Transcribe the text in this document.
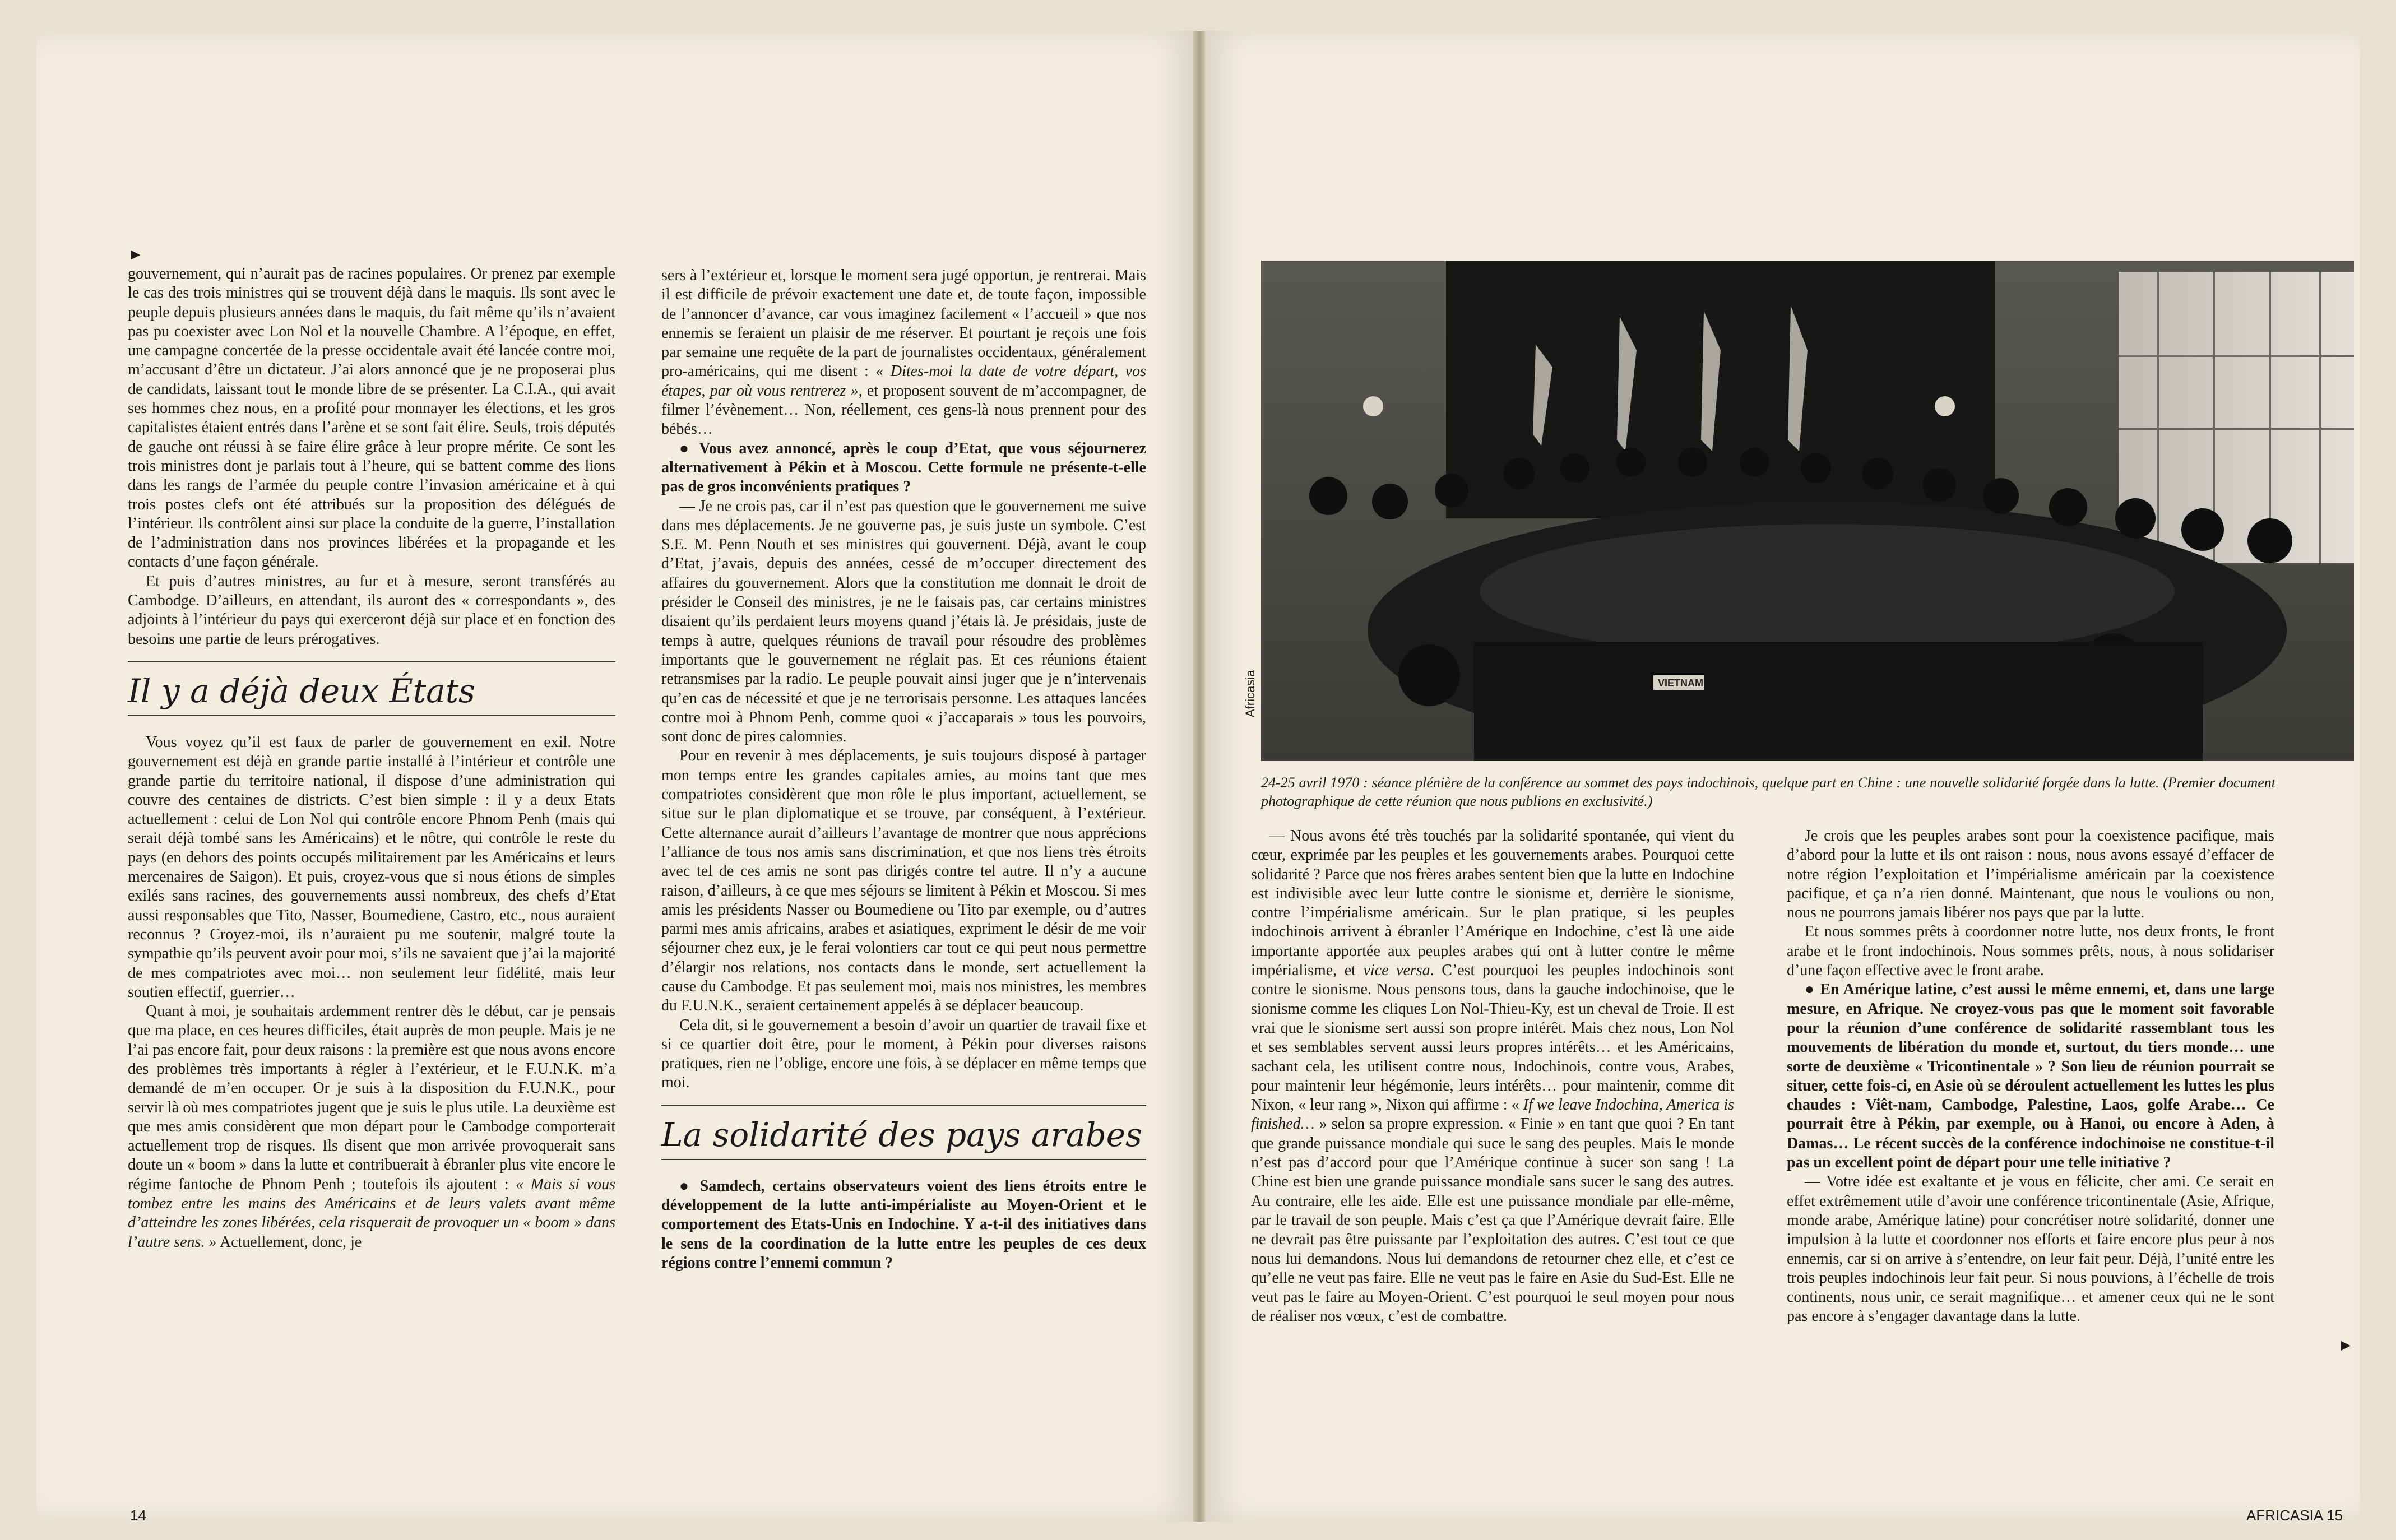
►

gouvernement, qui n’aurait pas de racines populaires. Or prenez par exemple le cas des trois ministres qui se trouvent déjà dans le maquis. Ils sont avec le peuple depuis plusieurs années dans le maquis, du fait même qu’ils n’avaient pas pu coexister avec Lon Nol et la nouvelle Chambre. A l’époque, en effet, une campagne concertée de la presse occidentale avait été lancée contre moi, m’accusant d’être un dictateur. J’ai alors annoncé que je ne proposerai plus de candidats, laissant tout le monde libre de se présenter. La C.I.A., qui avait ses hommes chez nous, en a profité pour monnayer les élections, et les gros capitalistes étaient entrés dans l’arène et se sont fait élire. Seuls, trois députés de gauche ont réussi à se faire élire grâce à leur propre mérite. Ce sont les trois ministres dont je parlais tout à l’heure, qui se battent comme des lions dans les rangs de l’armée du peuple contre l’invasion américaine et à qui trois postes clefs ont été attribués sur la proposition des délégués de l’intérieur. Ils contrôlent ainsi sur place la conduite de la guerre, l’installation de l’administration dans nos provinces libérées et la propagande et les contacts d’une façon générale.

Et puis d’autres ministres, au fur et à mesure, seront transférés au Cambodge. D’ailleurs, en attendant, ils auront des « correspondants », des adjoints à l’intérieur du pays qui exerceront déjà sur place et en fonction des besoins une partie de leurs prérogatives.

Il y a déjà deux États

Vous voyez qu’il est faux de parler de gouvernement en exil. Notre gouvernement est déjà en grande partie installé à l’intérieur et contrôle une grande partie du territoire national, il dispose d’une administration qui couvre des centaines de districts. C’est bien simple : il y a deux Etats actuellement : celui de Lon Nol qui contrôle encore Phnom Penh (mais qui serait déjà tombé sans les Américains) et le nôtre, qui contrôle le reste du pays (en dehors des points occupés militairement par les Américains et leurs mercenaires de Saigon). Et puis, croyez-vous que si nous étions de simples exilés sans racines, des gouvernements aussi nombreux, des chefs d’Etat aussi responsables que Tito, Nasser, Boumediene, Castro, etc., nous auraient reconnus ? Croyez-moi, ils n’auraient pu me soutenir, malgré toute la sympathie qu’ils peuvent avoir pour moi, s’ils ne savaient que j’ai la majorité de mes compatriotes avec moi… non seulement leur fidélité, mais leur soutien effectif, guerrier…

Quant à moi, je souhaitais ardemment rentrer dès le début, car je pensais que ma place, en ces heures difficiles, était auprès de mon peuple. Mais je ne l’ai pas encore fait, pour deux raisons : la première est que nous avons encore des problèmes très importants à régler à l’extérieur, et le F.U.N.K. m’a demandé de m’en occuper. Or je suis à la disposition du F.U.N.K., pour servir là où mes compatriotes jugent que je suis le plus utile. La deuxième est que mes amis considèrent que mon départ pour le Cambodge comporterait actuellement trop de risques. Ils disent que mon arrivée provoquerait sans doute un « boom » dans la lutte et contribuerait à ébranler plus vite encore le régime fantoche de Phnom Penh ; toutefois ils ajoutent : « Mais si vous tombez entre les mains des Américains et de leurs valets avant même d’atteindre les zones libérées, cela risquerait de provoquer un « boom » dans l’autre sens. » Actuellement, donc, je

sers à l’extérieur et, lorsque le moment sera jugé opportun, je rentrerai. Mais il est difficile de prévoir exactement une date et, de toute façon, impossible de l’annoncer d’avance, car vous imaginez facilement « l’accueil » que nos ennemis se feraient un plaisir de me réserver. Et pourtant je reçois une fois par semaine une requête de la part de journalistes occidentaux, généralement pro-américains, qui me disent : « Dites-moi la date de votre départ, vos étapes, par où vous rentrerez », et proposent souvent de m’accompagner, de filmer l’évènement… Non, réellement, ces gens-là nous prennent pour des bébés…

● Vous avez annoncé, après le coup d’Etat, que vous séjournerez alternativement à Pékin et à Moscou. Cette formule ne présente-t-elle pas de gros inconvénients pratiques ?

— Je ne crois pas, car il n’est pas question que le gouvernement me suive dans mes déplacements. Je ne gouverne pas, je suis juste un symbole. C’est S.E. M. Penn Nouth et ses ministres qui gouvernent. Déjà, avant le coup d’Etat, j’avais, depuis des années, cessé de m’occuper directement des affaires du gouvernement. Alors que la constitution me donnait le droit de présider le Conseil des ministres, je ne le faisais pas, car certains ministres disaient qu’ils perdaient leurs moyens quand j’étais là. Je présidais, juste de temps à autre, quelques réunions de travail pour résoudre des problèmes importants que le gouvernement ne réglait pas. Et ces réunions étaient retransmises par la radio. Le peuple pouvait ainsi juger que je n’intervenais qu’en cas de nécessité et que je ne terrorisais personne. Les attaques lancées contre moi à Phnom Penh, comme quoi « j’accaparais » tous les pouvoirs, sont donc de pires calomnies.

Pour en revenir à mes déplacements, je suis toujours disposé à partager mon temps entre les grandes capitales amies, au moins tant que mes compatriotes considèrent que mon rôle le plus important, actuellement, se situe sur le plan diplomatique et se trouve, par conséquent, à l’extérieur. Cette alternance aurait d’ailleurs l’avantage de montrer que nous apprécions l’alliance de tous nos amis sans discrimination, et que nos liens très étroits avec tel de ces amis ne sont pas dirigés contre tel autre. Il n’y a aucune raison, d’ailleurs, à ce que mes séjours se limitent à Pékin et Moscou. Si mes amis les présidents Nasser ou Boumediene ou Tito par exemple, ou d’autres parmi mes amis africains, arabes et asiatiques, expriment le désir de me voir séjourner chez eux, je le ferai volontiers car tout ce qui peut nous permettre d’élargir nos relations, nos contacts dans le monde, sert actuellement la cause du Cambodge. Et pas seulement moi, mais nos ministres, les membres du F.U.N.K., seraient certainement appelés à se déplacer beaucoup.

Cela dit, si le gouvernement a besoin d’avoir un quartier de travail fixe et si ce quartier doit être, pour le moment, à Pékin pour diverses raisons pratiques, rien ne l’oblige, encore une fois, à se déplacer en même temps que moi.

La solidarité des pays arabes

● Samdech, certains observateurs voient des liens étroits entre le développement de la lutte anti-impérialiste au Moyen-Orient et le comportement des Etats-Unis en Indochine. Y a-t-il des initiatives dans le sens de la coordination de la lutte entre les peuples de ces deux régions contre l’ennemi commun ?

14
VIETNAM
Africasia
24-25 avril 1970 : séance plénière de la conférence au sommet des pays indochinois, quelque part en Chine : une nouvelle solidarité forgée dans la lutte. (Premier document photographique de cette réunion que nous publions en exclusivité.)

— Nous avons été très touchés par la solidarité spontanée, qui vient du cœur, exprimée par les peuples et les gouvernements arabes. Pourquoi cette solidarité ? Parce que nos frères arabes sentent bien que la lutte en Indochine est indivisible avec leur lutte contre le sionisme et, derrière le sionisme, contre l’impérialisme américain. Sur le plan pratique, si les peuples indochinois arrivent à ébranler l’Amérique en Indochine, c’est là une aide importante apportée aux peuples arabes qui ont à lutter contre le même impérialisme, et vice versa. C’est pourquoi les peuples indochinois sont contre le sionisme. Nous pensons tous, dans la gauche indochinoise, que le sionisme comme les cliques Lon Nol-Thieu-Ky, est un cheval de Troie. Il est vrai que le sionisme sert aussi son propre intérêt. Mais chez nous, Lon Nol et ses semblables servent aussi leurs propres intérêts… et les Américains, sachant cela, les utilisent contre nous, Indochinois, contre vous, Arabes, pour maintenir leur hégémonie, leurs intérêts… pour maintenir, comme dit Nixon, « leur rang », Nixon qui affirme : « If we leave Indochina, America is finished… » selon sa propre expression. « Finie » en tant que quoi ? En tant que grande puissance mondiale qui suce le sang des peuples. Mais le monde n’est pas d’accord pour que l’Amérique continue à sucer son sang ! La Chine est bien une grande puissance mondiale sans sucer le sang des autres. Au contraire, elle les aide. Elle est une puissance mondiale par elle-même, par le travail de son peuple. Mais c’est ça que l’Amérique devrait faire. Elle ne devrait pas être puissante par l’exploitation des autres. C’est tout ce que nous lui demandons. Nous lui demandons de retourner chez elle, et c’est ce qu’elle ne veut pas faire. Elle ne veut pas le faire en Asie du Sud-Est. Elle ne veut pas le faire au Moyen-Orient. C’est pourquoi le seul moyen pour nous de réaliser nos vœux, c’est de combattre.

Je crois que les peuples arabes sont pour la coexistence pacifique, mais d’abord pour la lutte et ils ont raison : nous, nous avons essayé d’effacer de notre région l’exploitation et l’impérialisme américain par la coexistence pacifique, et ça n’a rien donné. Maintenant, que nous le voulions ou non, nous ne pourrons jamais libérer nos pays que par la lutte.

Et nous sommes prêts à coordonner notre lutte, nos deux fronts, le front arabe et le front indochinois. Nous sommes prêts, nous, à nous solidariser d’une façon effective avec le front arabe.

● En Amérique latine, c’est aussi le même ennemi, et, dans une large mesure, en Afrique. Ne croyez-vous pas que le moment soit favorable pour la réunion d’une conférence de solidarité rassemblant tous les mouvements de libération du monde et, surtout, du tiers monde… une sorte de deuxième « Tricontinentale » ? Son lieu de réunion pourrait se situer, cette fois-ci, en Asie où se déroulent actuellement les luttes les plus chaudes : Viêt-nam, Cambodge, Palestine, Laos, golfe Arabe… Ce pourrait être à Pékin, par exemple, ou à Hanoi, ou encore à Aden, à Damas… Le récent succès de la conférence indochinoise ne constitue-t-il pas un excellent point de départ pour une telle initiative ?

— Votre idée est exaltante et je vous en félicite, cher ami. Ce serait en effet extrêmement utile d’avoir une conférence tricontinentale (Asie, Afrique, monde arabe, Amérique latine) pour concrétiser notre solidarité, donner une impulsion à la lutte et coordonner nos efforts et faire encore plus peur à nos ennemis, car si on arrive à s’entendre, on leur fait peur. Déjà, l’unité entre les trois peuples indochinois leur fait peur. Si nous pouvions, à l’échelle de trois continents, nous unir, ce serait magnifique… et amener ceux qui ne le sont pas encore à s’engager davantage dans la lutte.

►
AFRICASIA 15
